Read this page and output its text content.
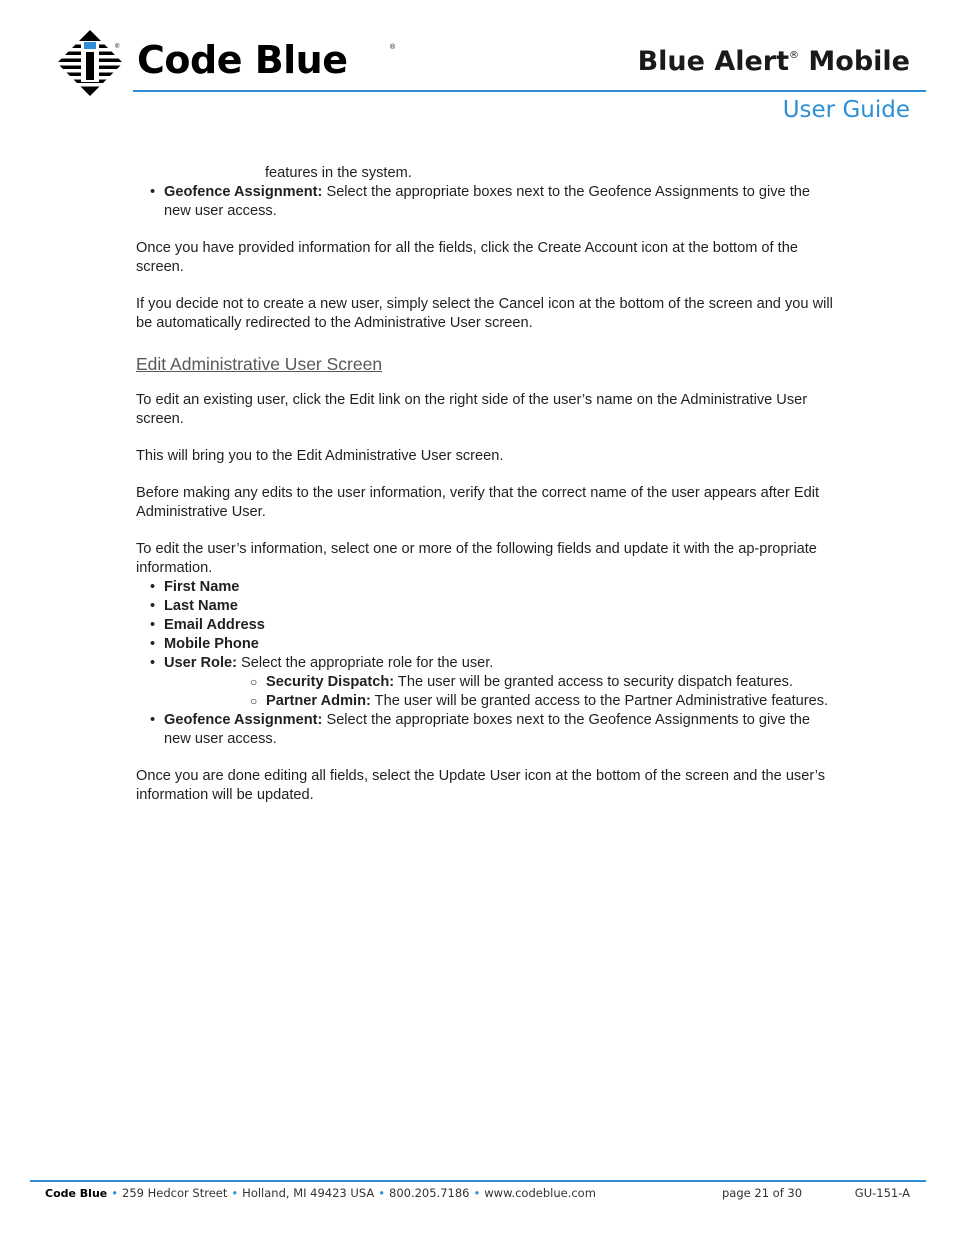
® Code Blue	®	Blue Alert® Mobile
User Guide

features in the system.

• Geofence Assignment: Select the appropriate boxes next to the Geofence Assignments to give the new user access.

Once you have provided information for all the fields, click the Create Account icon at the bottom of the screen.

If you decide not to create a new user, simply select the Cancel icon at the bottom of the screen and you will be automatically redirected to the Administrative User screen.

Edit Administrative User Screen

To edit an existing user, click the Edit link on the right side of the user’s name on the Administrative User screen.

This will bring you to the Edit Administrative User screen.

Before making any edits to the user information, verify that the correct name of the user appears after Edit Administrative User.

To edit the user’s information, select one or more of the following fields and update it with the ap-propriate information.

• First Name
• Last Name
• Email Address
• Mobile Phone
• User Role: Select the appropriate role for the user.
○ Security Dispatch: The user will be granted access to security dispatch features.
○ Partner Admin: The user will be granted access to the Partner Administrative features.
• Geofence Assignment: Select the appropriate boxes next to the Geofence Assignments to give the new user access.

Once you are done editing all fields, select the Update User icon at the bottom of the screen and the user’s information will be updated.

Code Blue • 259 Hedcor Street • Holland, MI 49423 USA • 800.205.7186 • www.codeblue.com	page 21 of 30	GU-151-A
